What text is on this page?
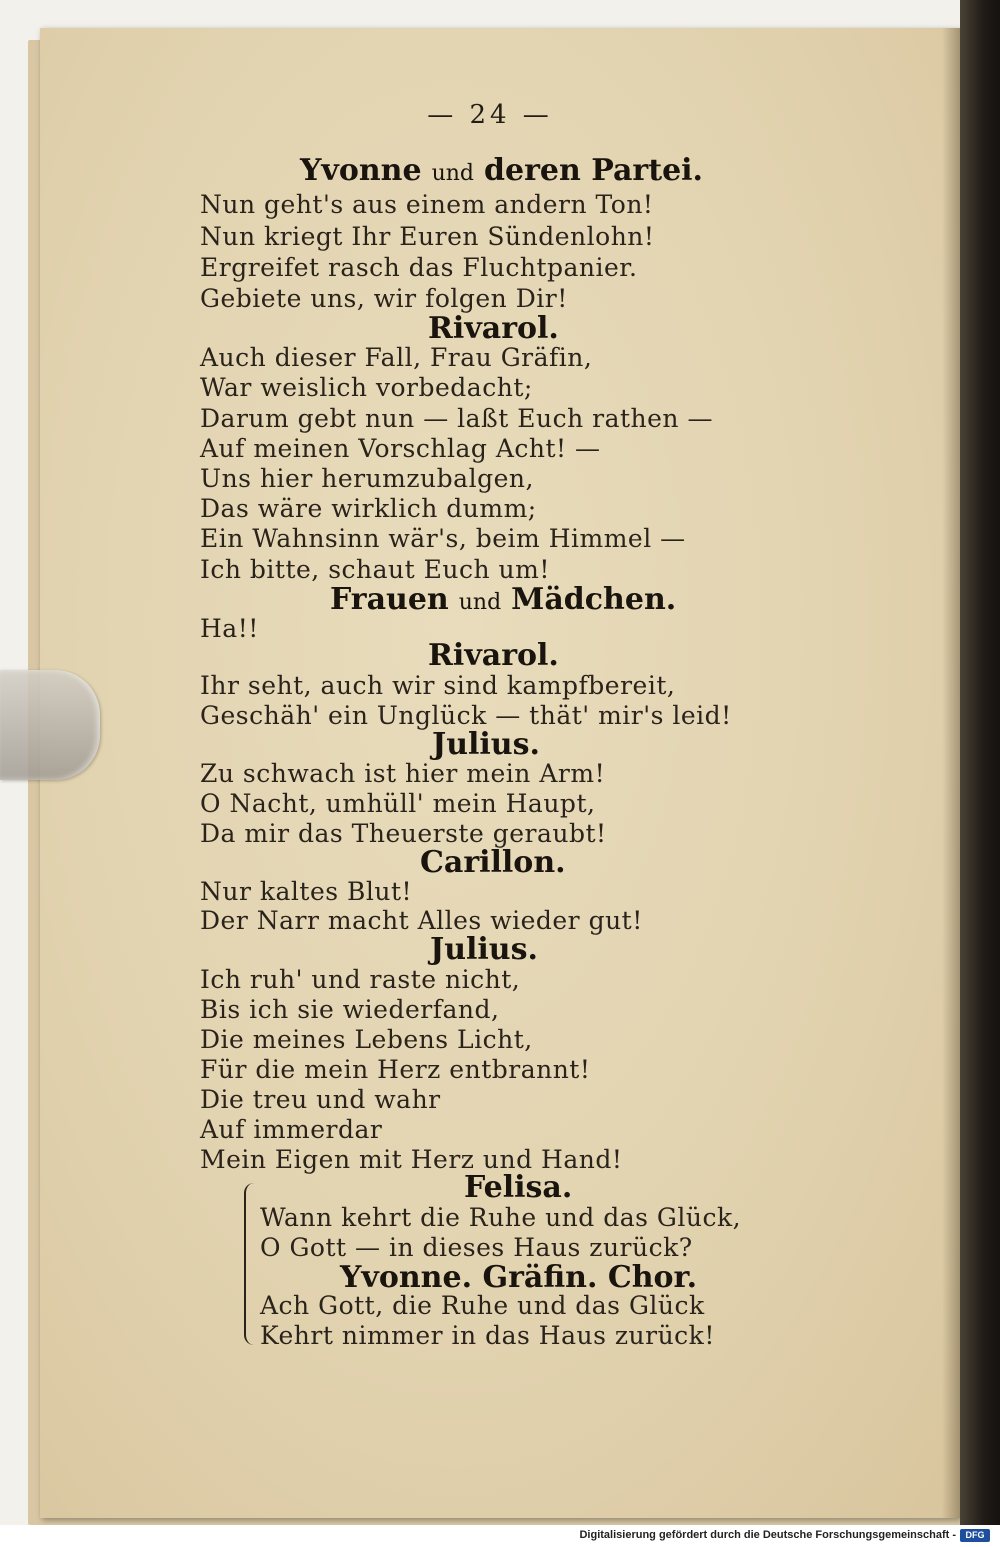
— 24 —
Yvonne und deren Partei.
Nun geht's aus einem andern Ton!
Nun kriegt Ihr Euren Sündenlohn!
Ergreifet rasch das Fluchtpanier.
Gebiete uns, wir folgen Dir!
Rivarol.
Auch dieser Fall, Frau Gräfin,
War weislich vorbedacht;
Darum gebt nun — laßt Euch rathen —
Auf meinen Vorschlag Acht! —
Uns hier herumzubalgen,
Das wäre wirklich dumm;
Ein Wahnsinn wär's, beim Himmel —
Ich bitte, schaut Euch um!
Frauen und Mädchen.
Ha!!
Rivarol.
Ihr seht, auch wir sind kampfbereit,
Geschäh' ein Unglück — thät' mir's leid!
Julius.
Zu schwach ist hier mein Arm!
O Nacht, umhüll' mein Haupt,
Da mir das Theuerste geraubt!
Carillon.
Nur kaltes Blut!
Der Narr macht Alles wieder gut!
Julius.
Ich ruh' und raste nicht,
Bis ich sie wiederfand,
Die meines Lebens Licht,
Für die mein Herz entbrannt!
Die treu und wahr
Auf immerdar
Mein Eigen mit Herz und Hand!
Felisa.
Wann kehrt die Ruhe und das Glück,
O Gott — in dieses Haus zurück?
Yvonne. Gräfin. Chor.
Ach Gott, die Ruhe und das Glück
Kehrt nimmer in das Haus zurück!
Digitalisierung gefördert durch die Deutsche Forschungsgemeinschaft -	DFG
